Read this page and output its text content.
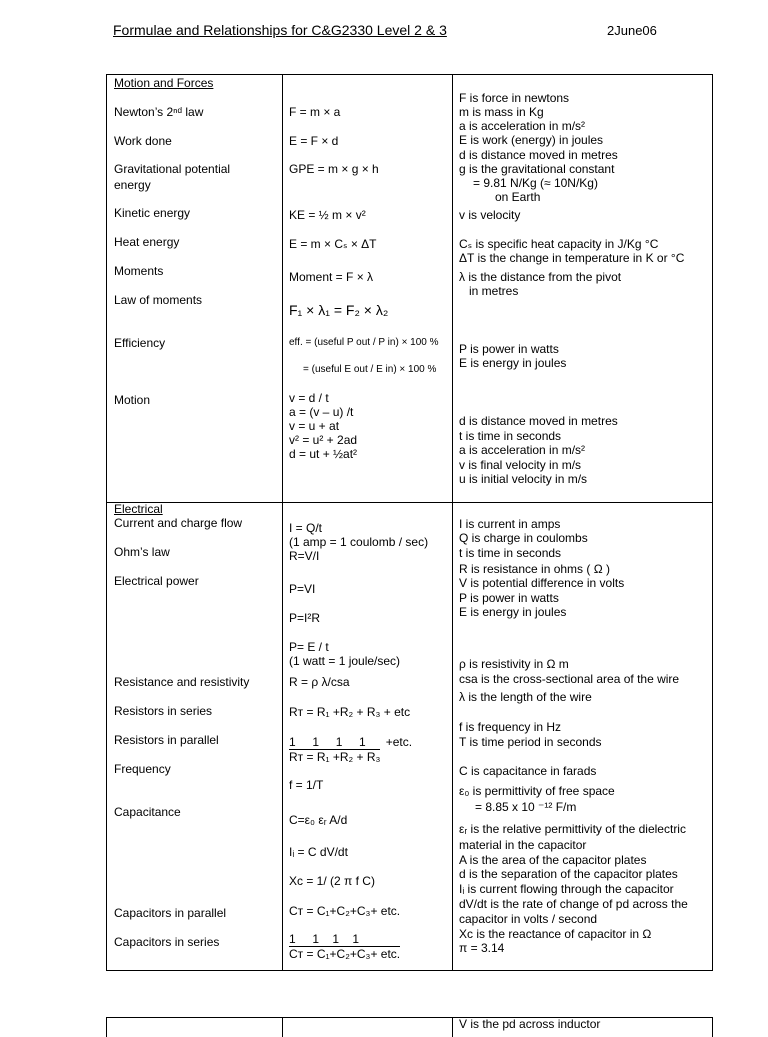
Formulae and Relationships for C&G2330 Level 2 & 3	2June06
Motion and Forces
Newton’s 2ⁿᵈ law
Work done
Gravitational potential
energy
Kinetic energy
Heat energy
Moments
Law of moments
Efficiency
Motion
Electrical
Current and charge flow
Ohm’s law
Electrical power
Resistance and resistivity
Resistors in series
Resistors in parallel
Frequency
Capacitance
Capacitors in parallel
Capacitors in series
F = m × a
E = F × d
GPE = m × g × h
KE = ½ m × v²
E = m × Cₛ × ΔT
Moment = F × λ
F₁ × λ₁ = F₂ × λ₂
eff. = (useful P out / P in) × 100 %
= (useful E out / E in) × 100 %
v = d / t
a = (v – u) /t
v = u + at
v² = u² + 2ad
d = ut + ½at²
I = Q/t
(1 amp = 1 coulomb / sec)
R=V/I
P=VI
P=I²R
P= E / t
(1 watt = 1 joule/sec)
R = ρ λ/csa
Rᴛ = R₁ +R₂ + R₃ + etc
1     1     1     1      +etc.
Rᴛ = R₁ +R₂ + R₃
f = 1/T
C=ε₀ εᵣ A/d
Iᵢ = C dV/dt
Xᴄ = 1/ (2 π f C)
Cᴛ = C₁+C₂+C₃+ etc.
1     1    1    1
Cᴛ = C₁+C₂+C₃+ etc.
F is force in newtons
m is mass in Kg
a is acceleration in m/s²
E is work (energy) in joules
d is distance moved in metres
g is the gravitational constant
= 9.81 N/Kg (≈ 10N/Kg)
on Earth
v is velocity
Cₛ is specific heat capacity in J/Kg °C
ΔT is the change in temperature in K or °C
λ is the distance from the pivot
in metres
P is power in watts
E is energy in joules
d is distance moved in metres
t is time in seconds
a is acceleration in m/s²
v is final velocity in m/s
u is initial velocity in m/s
I is current in amps
Q is charge in coulombs
t is time in seconds
R is resistance in ohms ( Ω )
V is potential difference in volts
P is power in watts
E is energy in joules
ρ is resistivity in Ω m
csa is the cross-sectional area of the wire
λ is the length of the wire
f is frequency in Hz
T is time period in seconds
C is capacitance in farads
ε₀ is permittivity of free space
= 8.85 x 10 ⁻¹² F/m
εᵣ is the relative permittivity of the dielectric
material in the capacitor
A is the area of the capacitor plates
d is the separation of the capacitor plates
Iᵢ is current flowing through the capacitor
dV/dt is the rate of change of pd across the
capacitor in volts / second
Xᴄ is the reactance of capacitor in Ω
π = 3.14
V is the pd across inductor
